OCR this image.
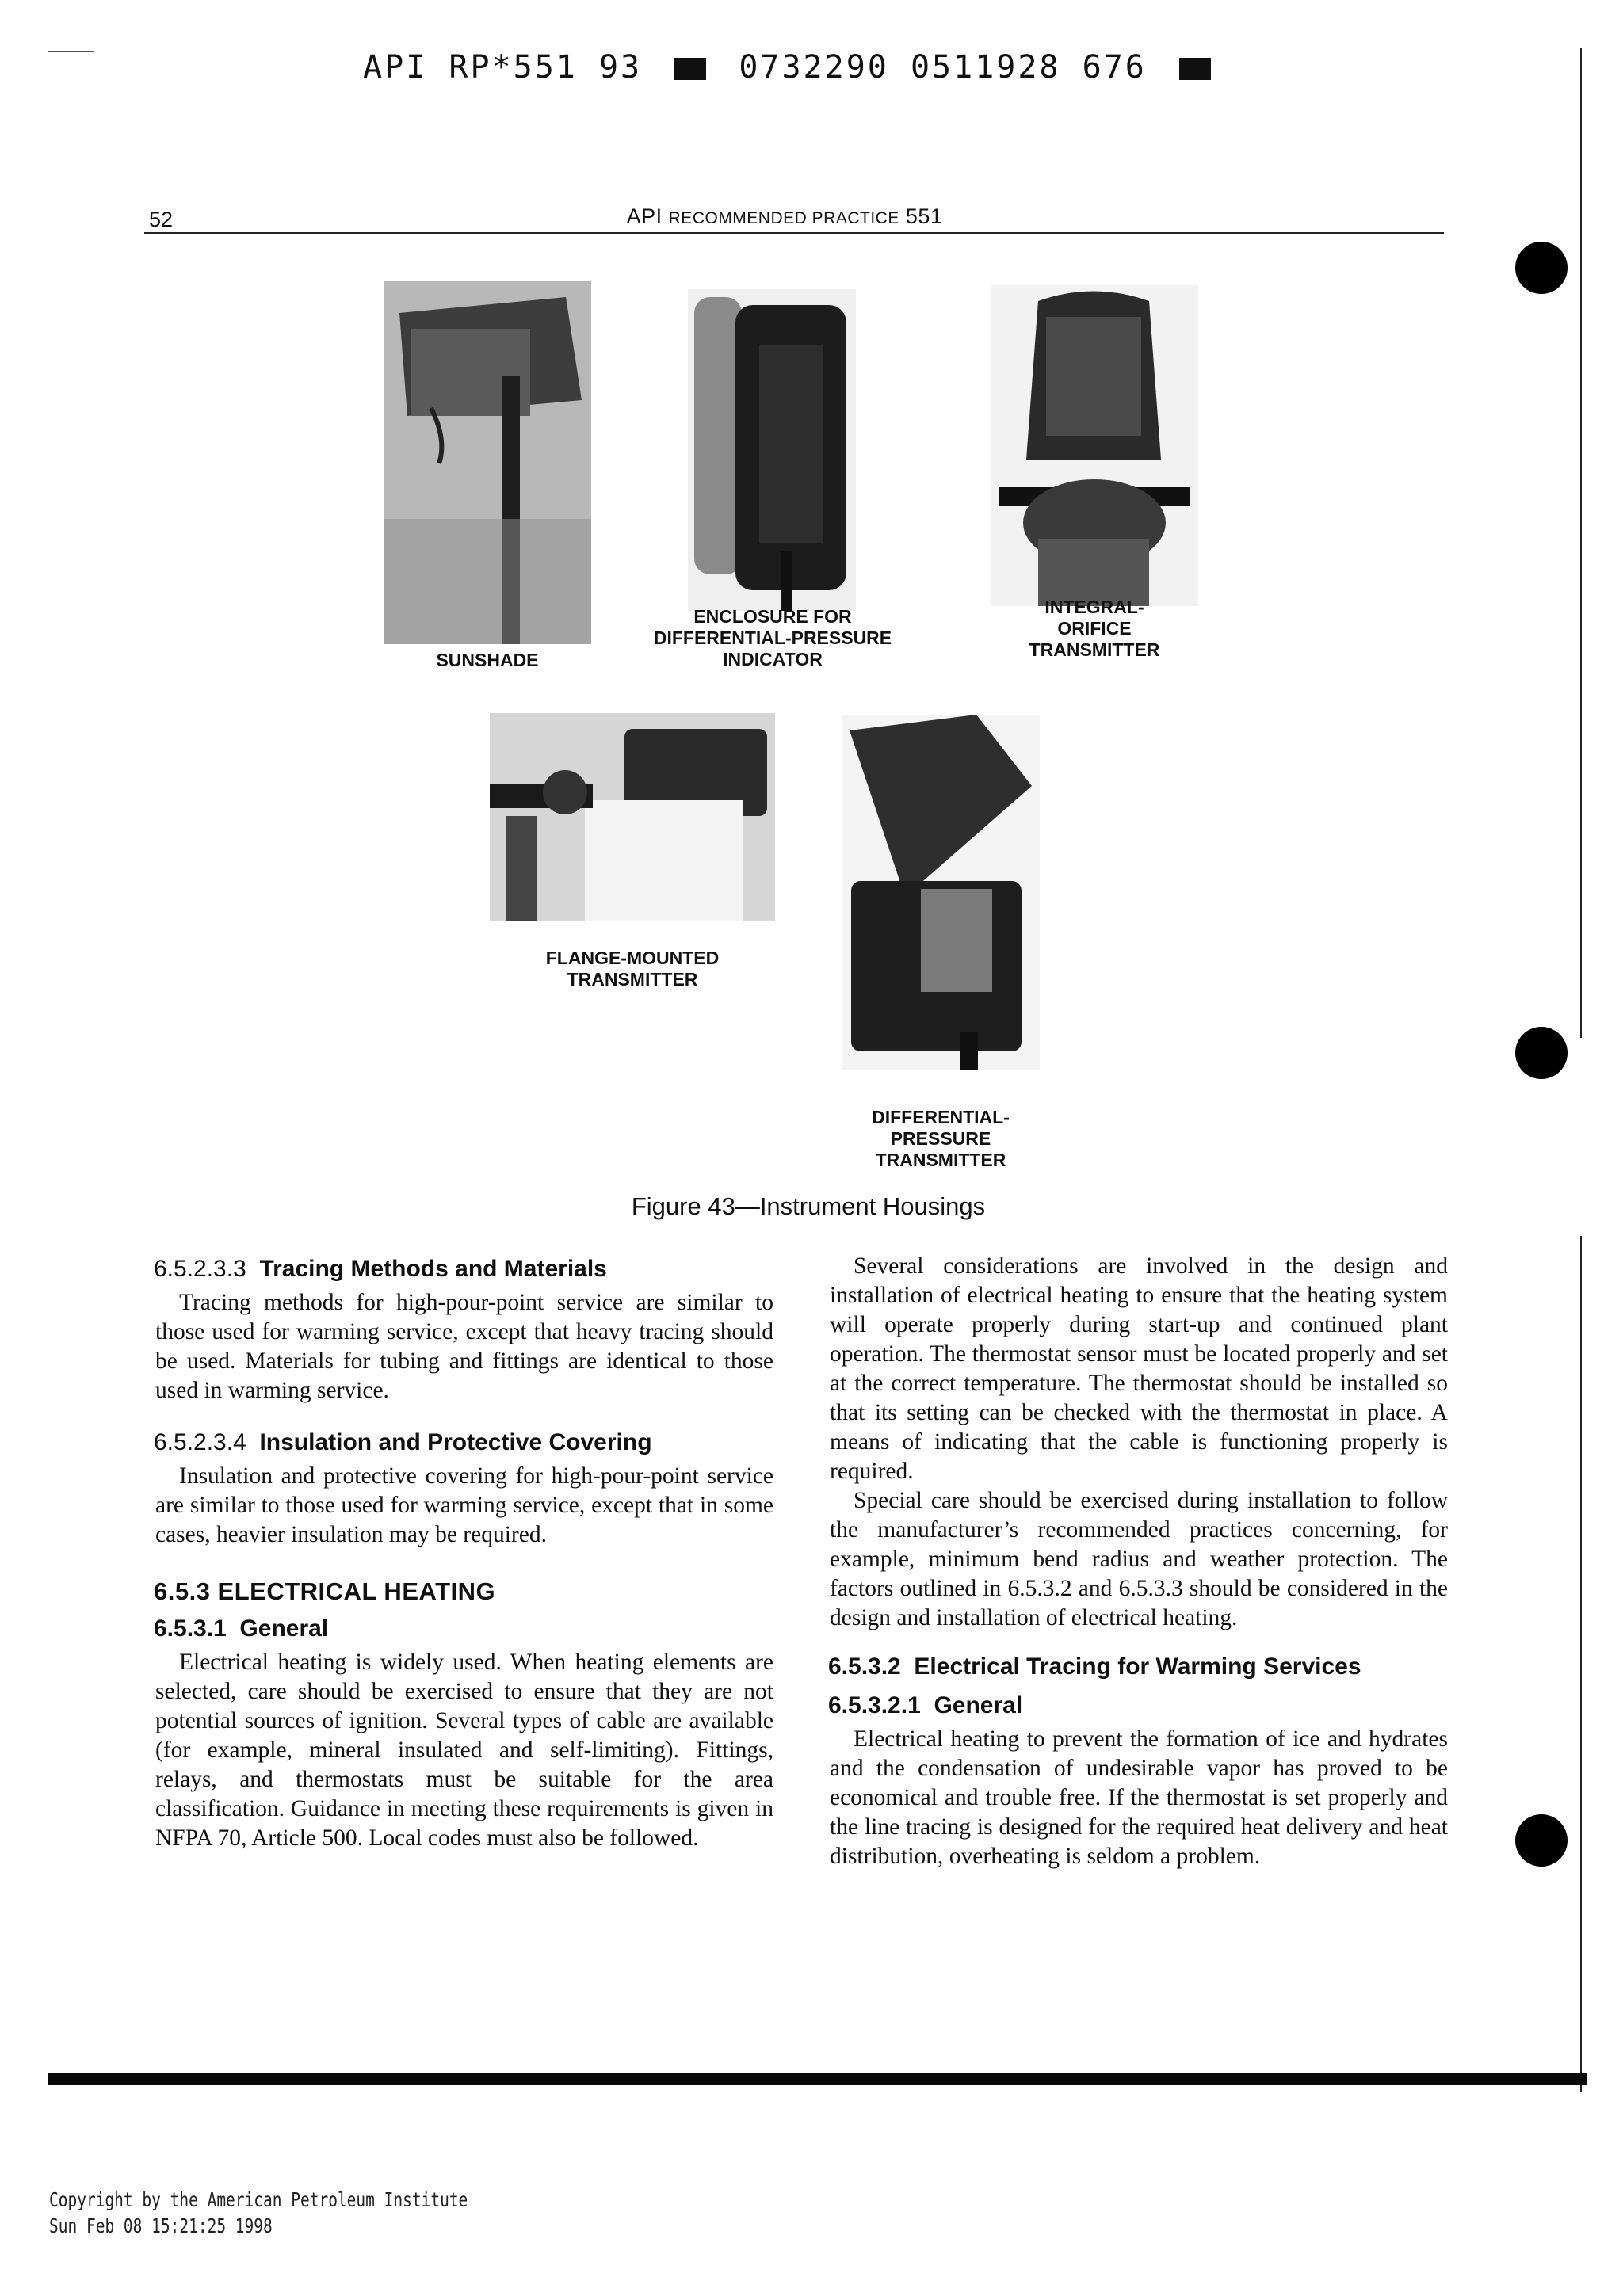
API RP*551 93	0732290 0511928 676
52	API RECOMMENDED PRACTICE 551
SUNSHADE
ENCLOSURE FOR
DIFFERENTIAL-PRESSURE
INDICATOR
INTEGRAL-
ORIFICE
TRANSMITTER
FLANGE-MOUNTED
TRANSMITTER
DIFFERENTIAL-
PRESSURE
TRANSMITTER
Figure 43—Instrument Housings
6.5.2.3.3 Tracing Methods and Materials

Tracing methods for high-pour-point service are similar to those used for warming service, except that heavy tracing should be used. Materials for tubing and fittings are identical to those used in warming service.

6.5.2.3.4 Insulation and Protective Covering

Insulation and protective covering for high-pour-point service are similar to those used for warming service, except that in some cases, heavier insulation may be required.

6.5.3 ELECTRICAL HEATING
6.5.3.1 General

Electrical heating is widely used. When heating elements are selected, care should be exercised to ensure that they are not potential sources of ignition. Several types of cable are available (for example, mineral insulated and self-limiting). Fittings, relays, and thermostats must be suitable for the area classification. Guidance in meeting these requirements is given in NFPA 70, Article 500. Local codes must also be followed.

Several considerations are involved in the design and installation of electrical heating to ensure that the heating system will operate properly during start-up and continued plant operation. The thermostat sensor must be located properly and set at the correct temperature. The thermostat should be installed so that its setting can be checked with the thermostat in place. A means of indicating that the cable is functioning properly is required.

Special care should be exercised during installation to follow the manufacturer’s recommended practices concerning, for example, minimum bend radius and weather protection. The factors outlined in 6.5.3.2 and 6.5.3.3 should be considered in the design and installation of electrical heating.

6.5.3.2 Electrical Tracing for Warming Services
6.5.3.2.1 General

Electrical heating to prevent the formation of ice and hydrates and the condensation of undesirable vapor has proved to be economical and trouble free. If the thermostat is set properly and the line tracing is designed for the required heat delivery and heat distribution, overheating is seldom a problem.

Copyright by the American Petroleum Institute
Sun Feb 08 15:21:25 1998
